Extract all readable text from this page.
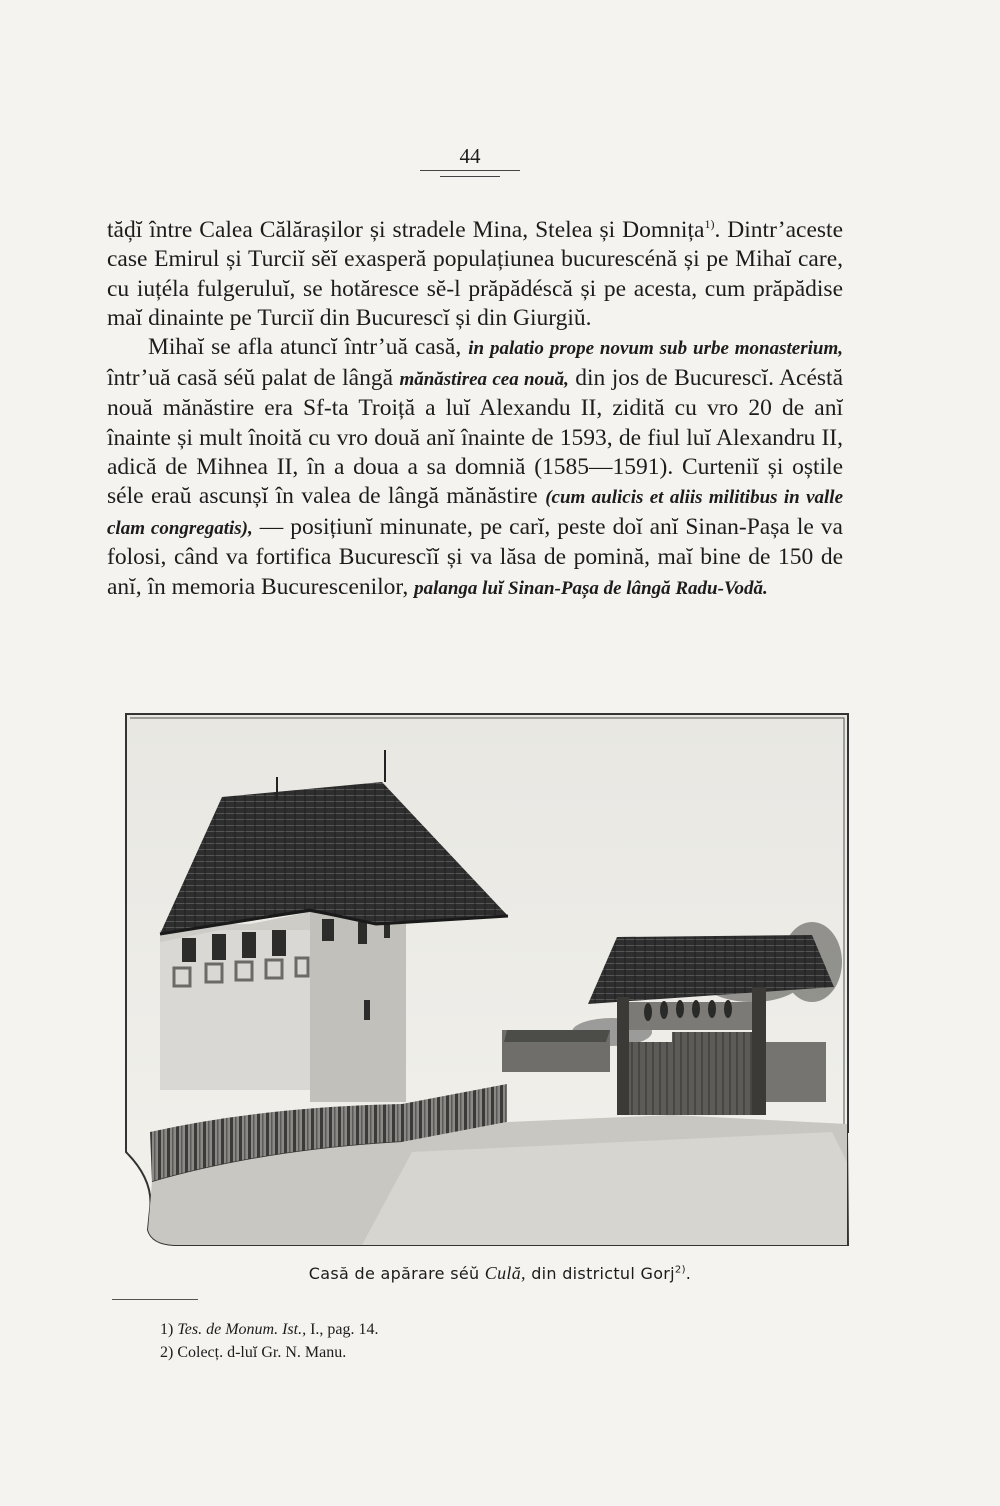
44

tăḑĭ între Calea Călărașilor și stradele Mina, Stelea și Domnița$^{1)}$. Dintr’aceste case Emirul și Turciĭ sĕĭ exasperă populațiunea bucurescénă și pe Mihaĭ care, cu iuțéla fulgeruluĭ, se hotăresce sĕ-l prăpădéscă și pe acesta, cum prăpădise maĭ dinainte pe Turciĭ din Bucurescĭ și din Giurgiŭ.

Mihaĭ se afla atuncĭ într’uă casă, in palatio prope novum sub urbe monasterium, într’uă casă séŭ palat de lângă mănăstirea cea nouă, din jos de Bucurescĭ. Acéstă nouă mănăstire era Sf-ta Troiță a luĭ Alexandu II, zidită cu vro 20 de anĭ înainte și mult înoită cu vro două anĭ înainte de 1593, de fiul luĭ Alexandru II, adică de Mihnea II, în a doua a sa domniă (1585—1591). Curteniĭ și oștile séle eraŭ ascunșĭ în valea de lângă mănăstire (cum aulicis et aliis militibus in valle clam congregatis), — posițiunĭ minunate, pe carĭ, peste doĭ anĭ Sinan-Pașa le va folosi, când va fortifica Bucurescĭĭ și va lăsa de pomină, maĭ bine de 150 de anĭ, în memoria Bucurescenilor, palanga luĭ Sinan-Pașa de lângă Radu-Vodă.

Casă de apărare séŭ Culă, din districtul Gorj$^{2)}$.
1) Tes. de Monum. Ist., I., pag. 14.
2) Colecț. d-luĭ Gr. N. Manu.
